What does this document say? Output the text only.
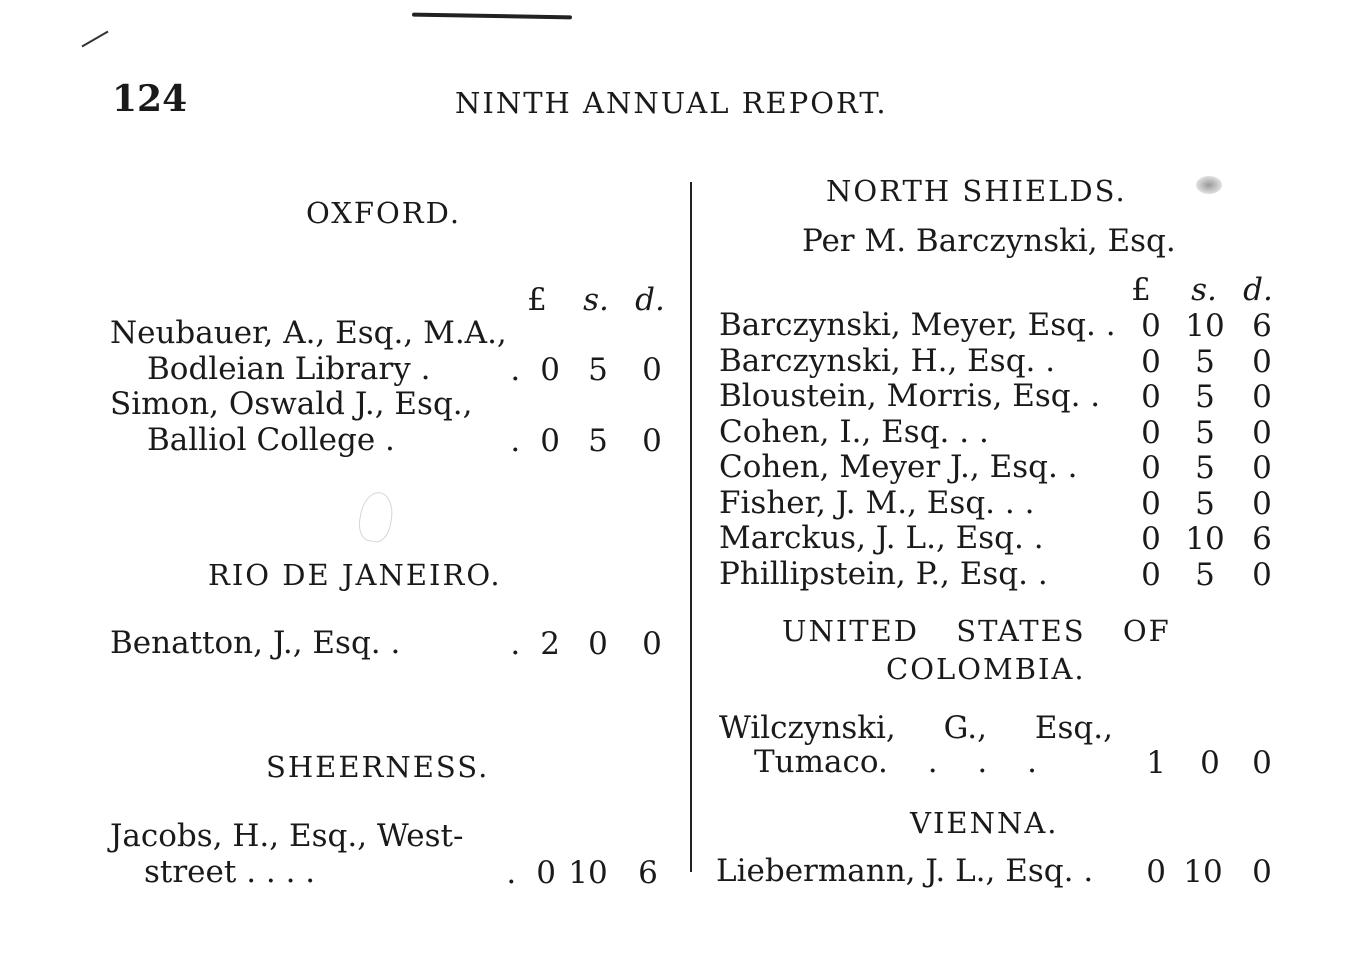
124	NINTH ANNUAL REPORT.
OXFORD.
£ s. d.
Neubauer, A., Esq., M.A.,
Bodleian Library .	. 0 5	0
Simon, Oswald J., Esq.,
Balliol College .	. 0 5	0
RIO DE JANEIRO.
Benatton, J., Esq. .	. 2 0	0
SHEERNESS.
Jacobs, H., Esq., West-
street . . . .	. 0 10 6
NORTH SHIELDS.
Per M. Barczynski, Esq.
£ s. d.
Barczynski, Meyer, Esq. . 0 10 6
Barczynski, H., Esq. .	0	5	0
Bloustein, Morris, Esq. . 0	5	0
Cohen, I., Esq. . .	0	5	0
Cohen, Meyer J., Esq. . 0	5	0
Fisher, J. M., Esq. . .	0	5	0
Marckus, J. L., Esq. .	0 10 6
Phillipstein, P., Esq. .	0	5	0
UNITED STATES OF
COLOMBIA.
Wilczynski, G., Esq.,
Tumaco. . . .	1	0	0
VIENNA.
Liebermann, J. L., Esq. .	0 10 0
